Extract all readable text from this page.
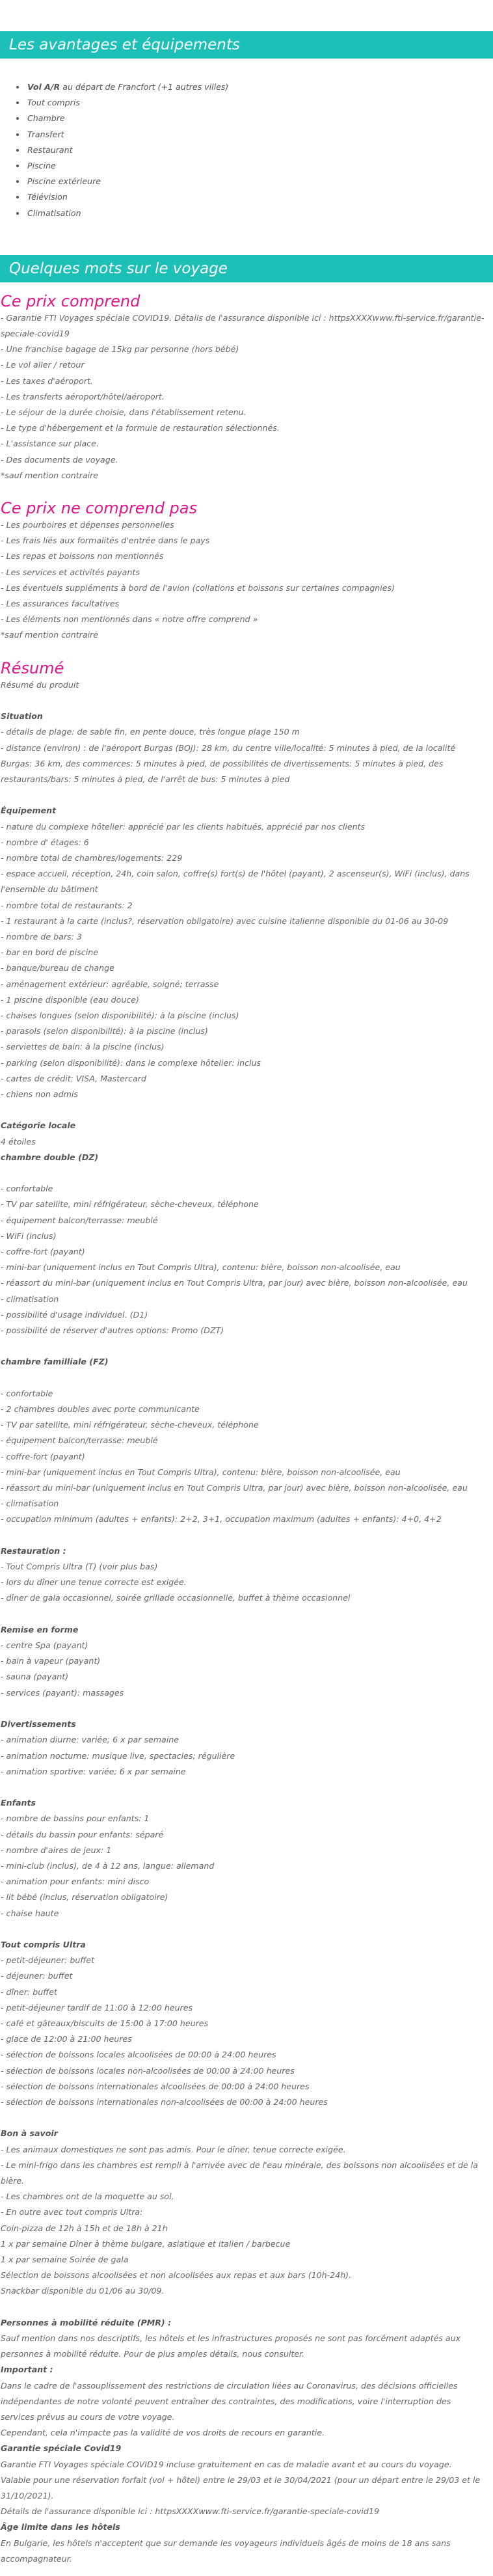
Les avantages et équipements
• Vol A/R au départ de Francfort (+1 autres villes)
• Tout compris
• Chambre
• Transfert
• Restaurant
• Piscine
• Piscine extérieure
• Télévision
• Climatisation
Quelques mots sur le voyage
Ce prix comprend
- Garantie FTI Voyages spéciale COVID19. Détails de l'assurance disponible ici : httpsXXXXwww.fti-service.fr/garantie-speciale-covid19
- Une franchise bagage de 15kg par personne (hors bébé)
- Le vol aller / retour
- Les taxes d'aéroport.
- Les transferts aéroport/hôtel/aéroport.
- Le séjour de la durée choisie, dans l'établissement retenu.
- Le type d'hébergement et la formule de restauration sélectionnés.
- L'assistance sur place.
- Des documents de voyage.
*sauf mention contraire
Ce prix ne comprend pas
- Les pourboires et dépenses personnelles
- Les frais liés aux formalités d'entrée dans le pays
- Les repas et boissons non mentionnés
- Les services et activités payants
- Les éventuels suppléments à bord de l'avion (collations et boissons sur certaines compagnies)
- Les assurances facultatives
- Les éléments non mentionnés dans « notre offre comprend »
*sauf mention contraire
Résumé
Résumé du produit

Situation
- détails de plage: de sable fin, en pente douce, très longue plage 150 m
- distance (environ) : de l'aéroport Burgas (BOJ): 28 km, du centre ville/localité: 5 minutes à pied, de la localité Burgas: 36 km, des commerces: 5 minutes à pied, de possibilités de divertissements: 5 minutes à pied, des restaurants/bars: 5 minutes à pied, de l'arrêt de bus: 5 minutes à pied

Équipement
- nature du complexe hôtelier: apprécié par les clients habitués, apprécié par nos clients
- nombre d' étages: 6
- nombre total de chambres/logements: 229
- espace accueil, réception, 24h, coin salon, coffre(s) fort(s) de l'hôtel (payant), 2 ascenseur(s), WiFi (inclus), dans l'ensemble du bâtiment
- nombre total de restaurants: 2
- 1 restaurant à la carte (inclus?, réservation obligatoire) avec cuisine italienne disponible du 01-06 au 30-09
- nombre de bars: 3
- bar en bord de piscine
- banque/bureau de change
- aménagement extérieur: agréable, soigné; terrasse
- 1 piscine disponible (eau douce)
- chaises longues (selon disponibilité): à la piscine (inclus)
- parasols (selon disponibilité): à la piscine (inclus)
- serviettes de bain: à la piscine (inclus)
- parking (selon disponibilité): dans le complexe hôtelier: inclus
- cartes de crédit: VISA, Mastercard
- chiens non admis

Catégorie locale
4 étoiles
chambre double (DZ)

- confortable
- TV par satellite, mini réfrigérateur, sèche-cheveux, téléphone
- équipement balcon/terrasse: meublé
- WiFi (inclus)
- coffre-fort (payant)
- mini-bar (uniquement inclus en Tout Compris Ultra), contenu: bière, boisson non-alcoolisée, eau
- réassort du mini-bar (uniquement inclus en Tout Compris Ultra, par jour) avec bière, boisson non-alcoolisée, eau
- climatisation
- possibilité d'usage individuel. (D1)
- possibilité de réserver d'autres options: Promo (DZT)

chambre familliale (FZ)

- confortable
- 2 chambres doubles avec porte communicante
- TV par satellite, mini réfrigérateur, sèche-cheveux, téléphone
- équipement balcon/terrasse: meublé
- coffre-fort (payant)
- mini-bar (uniquement inclus en Tout Compris Ultra), contenu: bière, boisson non-alcoolisée, eau
- réassort du mini-bar (uniquement inclus en Tout Compris Ultra, par jour) avec bière, boisson non-alcoolisée, eau
- climatisation
- occupation minimum (adultes + enfants): 2+2, 3+1, occupation maximum (adultes + enfants): 4+0, 4+2

Restauration :
- Tout Compris Ultra (T) (voir plus bas)
- lors du dîner une tenue correcte est exigée.
- dîner de gala occasionnel, soirée grillade occasionnelle, buffet à thème occasionnel

Remise en forme
- centre Spa (payant)
- bain à vapeur (payant)
- sauna (payant)
- services (payant): massages

Divertissements
- animation diurne: variée; 6 x par semaine
- animation nocturne: musique live, spectacles; régulière
- animation sportive: variée; 6 x par semaine

Enfants
- nombre de bassins pour enfants: 1
- détails du bassin pour enfants: séparé
- nombre d'aires de jeux: 1
- mini-club (inclus), de 4 à 12 ans, langue: allemand
- animation pour enfants: mini disco
- lit bébé (inclus, réservation obligatoire)
- chaise haute

Tout compris Ultra
- petit-déjeuner: buffet
- déjeuner: buffet
- dîner: buffet
- petit-déjeuner tardif de 11:00 à 12:00 heures
- café et gâteaux/biscuits de 15:00 à 17:00 heures
- glace de 12:00 à 21:00 heures
- sélection de boissons locales alcoolisées de 00:00 à 24:00 heures
- sélection de boissons locales non-alcoolisées de 00:00 à 24:00 heures
- sélection de boissons internationales alcoolisées de 00:00 à 24:00 heures
- sélection de boissons internationales non-alcoolisées de 00:00 à 24:00 heures

Bon à savoir
- Les animaux domestiques ne sont pas admis. Pour le dîner, tenue correcte exigée.
- Le mini-frigo dans les chambres est rempli à l'arrivée avec de l'eau minérale, des boissons non alcoolisées et de la bière.
- Les chambres ont de la moquette au sol.
- En outre avec tout compris Ultra:
Coin-pizza de 12h à 15h et de 18h à 21h
1 x par semaine Dîner à thème bulgare, asiatique et italien / barbecue
1 x par semaine Soirée de gala
Sélection de boissons alcoolisées et non alcoolisées aux repas et aux bars (10h-24h).
Snackbar disponible du 01/06 au 30/09.

Personnes à mobilité réduite (PMR) :
Sauf mention dans nos descriptifs, les hôtels et les infrastructures proposés ne sont pas forcément adaptés aux personnes à mobilité réduite. Pour de plus amples détails, nous consulter.
Important :
Dans le cadre de l'assouplissement des restrictions de circulation liées au Coronavirus, des décisions officielles indépendantes de notre volonté peuvent entraîner des contraintes, des modifications, voire l'interruption des services prévus au cours de votre voyage.
Cependant, cela n'impacte pas la validité de vos droits de recours en garantie.
Garantie spéciale Covid19
Garantie FTI Voyages spéciale COVID19 incluse gratuitement en cas de maladie avant et au cours du voyage.
Valable pour une réservation forfait (vol + hôtel) entre le 29/03 et le 30/04/2021 (pour un départ entre le 29/03 et le 31/10/2021).
Détails de l'assurance disponible ici : httpsXXXXwww.fti-service.fr/garantie-speciale-covid19
Âge limite dans les hôtels
En Bulgarie, les hôtels n'acceptent que sur demande les voyageurs individuels âgés de moins de 18 ans sans accompagnateur.
